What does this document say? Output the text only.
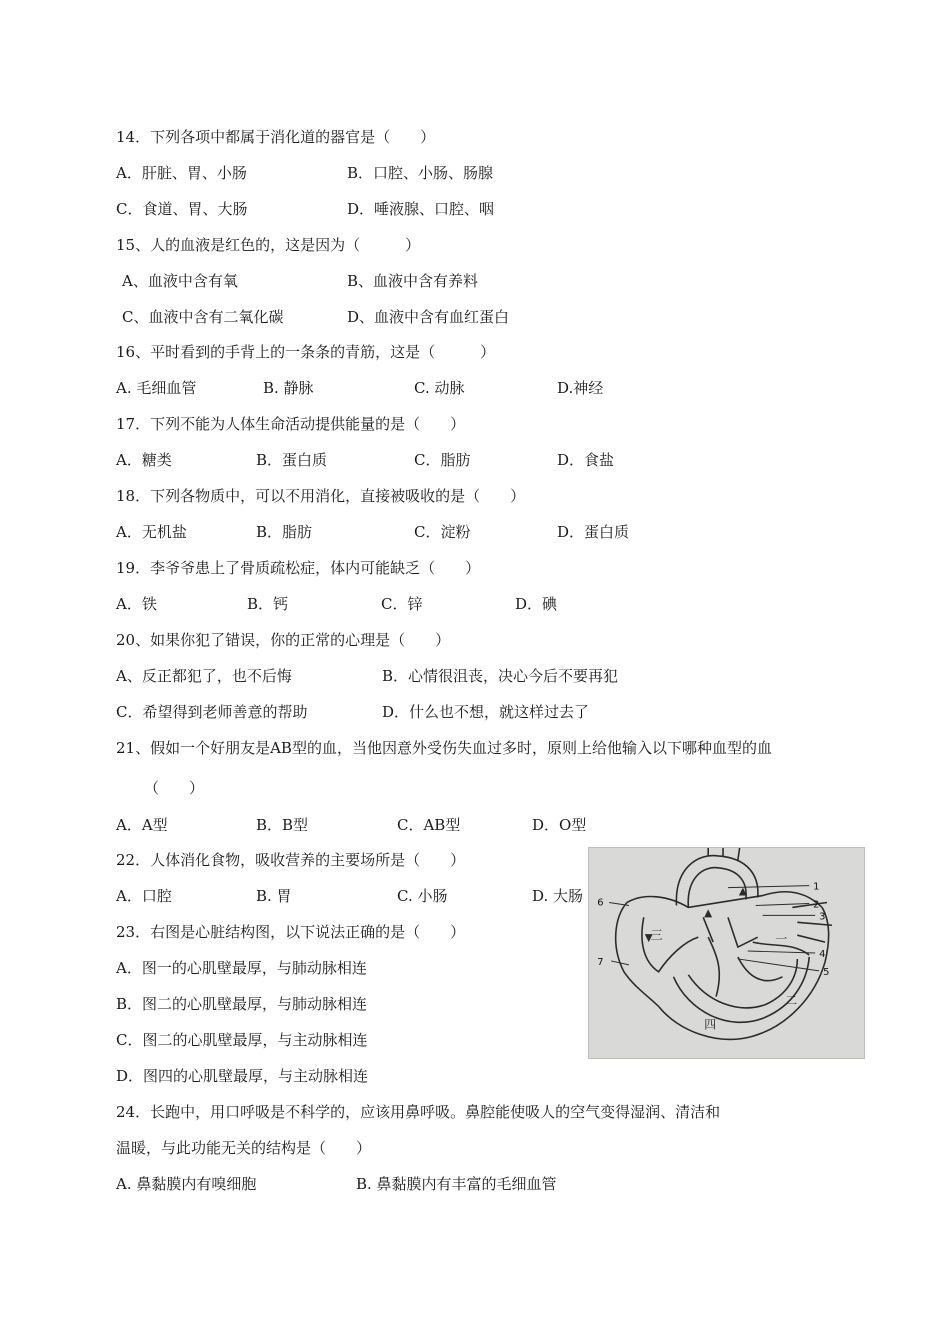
14．下列各项中都属于消化道的器官是（　　）
A．肝脏、胃、小肠	B．口腔、小肠、肠腺
C．食道、胃、大肠	D．唾液腺、口腔、咽
15、人的血液是红色的，这是因为（　　　）
A、血液中含有氧	B、血液中含有养料
C、血液中含有二氧化碳	D、血液中含有血红蛋白
16、平时看到的手背上的一条条的青筋，这是（　　　）
A. 毛细血管	B. 静脉	C. 动脉	D.神经
17．下列不能为人体生命活动提供能量的是（　　）
A．糖类	B．蛋白质	C．脂肪	D．食盐
18．下列各物质中，可以不用消化，直接被吸收的是（　　）
A．无机盐	B．脂肪	C．淀粉	D．蛋白质
19．李爷爷患上了骨质疏松症，体内可能缺乏（　　）
A．铁	B．钙	C．锌	D．碘
20、如果你犯了错误，你的正常的心理是（　　）
A、反正都犯了，也不后悔	B．心情很沮丧，决心今后不要再犯
C．希望得到老师善意的帮助	D．什么也不想，就这样过去了
21、假如一个好朋友是AB型的血，当他因意外受伤失血过多时，原则上给他输入以下哪种血型的血
（　　）
A．A型	B．B型	C．AB型	D．O型
22．人体消化食物，吸收营养的主要场所是（　　）
A．口腔	B. 胃	C. 小肠	D. 大肠
23．右图是心脏结构图，以下说法正确的是（　　）
A．图一的心肌壁最厚，与肺动脉相连
B．图二的心肌壁最厚，与肺动脉相连
C．图二的心肌壁最厚，与主动脉相连
D．图四的心肌壁最厚，与主动脉相连
24．长跑中，用口呼吸是不科学的，应该用鼻呼吸。鼻腔能使吸人的空气变得湿润、清洁和
温暖，与此功能无关的结构是（　　）
A. 鼻黏膜内有嗅细胞	B. 鼻黏膜内有丰富的毛细血管
1
2
3
4
5
6
7
一
二
三
四
